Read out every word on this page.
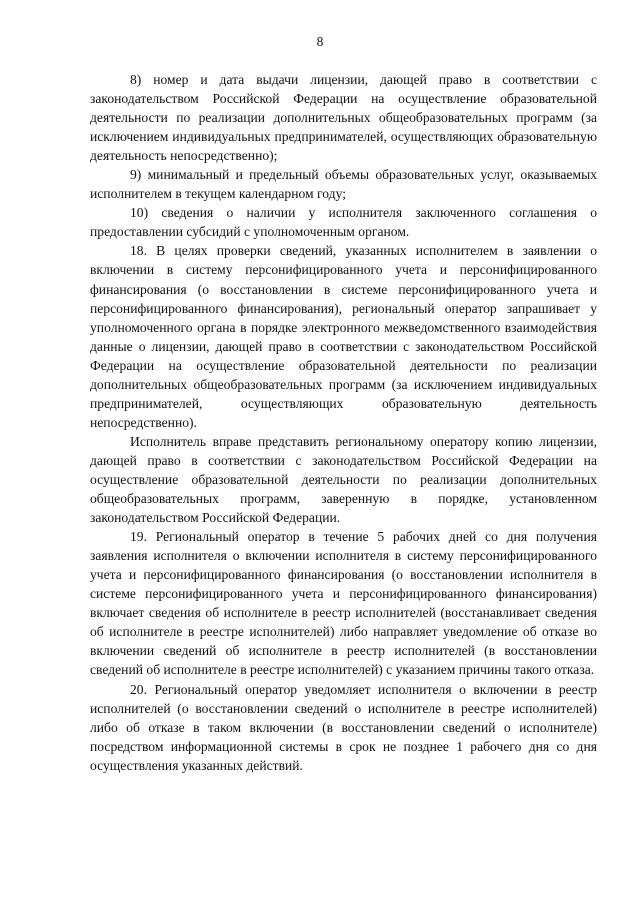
8

8) номер и дата выдачи лицензии, дающей право в соответствии с законодательством Российской Федерации на осуществление образовательной деятельности по реализации дополнительных общеобразовательных программ (за исключением индивидуальных предпринимателей, осуществляющих образовательную деятельность непосредственно);

9) минимальный и предельный объемы образовательных услуг, оказываемых исполнителем в текущем календарном году;

10) сведения о наличии у исполнителя заключенного соглашения о предоставлении субсидий с уполномоченным органом.

18. В целях проверки сведений, указанных исполнителем в заявлении о включении в систему персонифицированного учета и персонифицированного финансирования (о восстановлении в системе персонифицированного учета и персонифицированного финансирования), региональный оператор запрашивает у уполномоченного органа в порядке электронного межведомственного взаимодействия данные о лицензии, дающей право в соответствии с законодательством Российской Федерации на осуществление образовательной деятельности по реализации дополнительных общеобразовательных программ (за исключением индивидуальных предпринимателей, осуществляющих образовательную деятельность непосредственно).

Исполнитель вправе представить региональному оператору копию лицензии, дающей право в соответствии с законодательством Российской Федерации на осуществление образовательной деятельности по реализации дополнительных общеобразовательных программ, заверенную в порядке, установленном законодательством Российской Федерации.

19. Региональный оператор в течение 5 рабочих дней со дня получения заявления исполнителя о включении исполнителя в систему персонифицированного учета и персонифицированного финансирования (о восстановлении исполнителя в системе персонифицированного учета и персонифицированного финансирования) включает сведения об исполнителе в реестр исполнителей (восстанавливает сведения об исполнителе в реестре исполнителей) либо направляет уведомление об отказе во включении сведений об исполнителе в реестр исполнителей (в восстановлении сведений об исполнителе в реестре исполнителей) с указанием причины такого отказа.

20. Региональный оператор уведомляет исполнителя о включении в реестр исполнителей (о восстановлении сведений о исполнителе в реестре исполнителей) либо об отказе в таком включении (в восстановлении сведений о исполнителе) посредством информационной системы в срок не позднее 1 рабочего дня со дня осуществления указанных действий.
